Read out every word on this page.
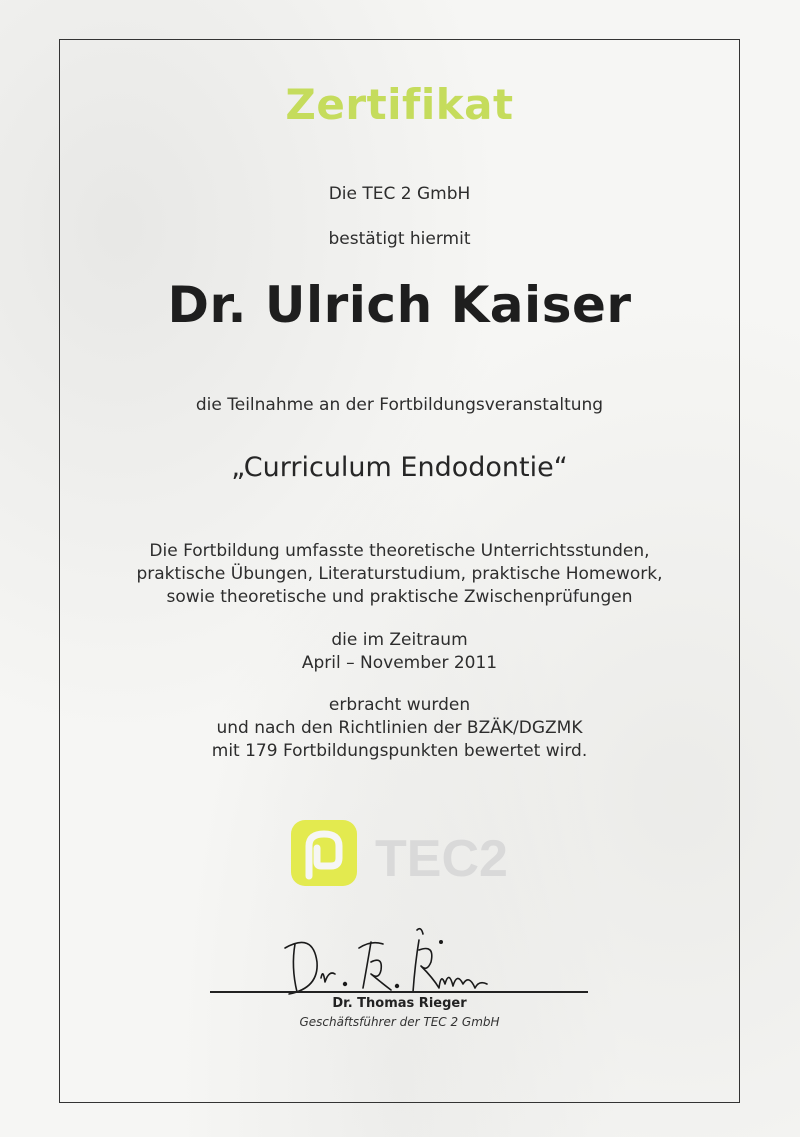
Zertifikat
Die TEC 2 GmbH
bestätigt hiermit
Dr. Ulrich Kaiser
die Teilnahme an der Fortbildungsveranstaltung
„Curriculum Endodontie“
Die Fortbildung umfasste theoretische Unterrichtsstunden,
praktische Übungen, Literaturstudium, praktische Homework,
sowie theoretische und praktische Zwischenprüfungen
die im Zeitraum
April – November 2011
erbracht wurden
und nach den Richtlinien der BZÄK/DGZMK
mit 179 Fortbildungspunkten bewertet wird.
TEC2
Dr. Thomas Rieger
Geschäftsführer der TEC 2 GmbH
